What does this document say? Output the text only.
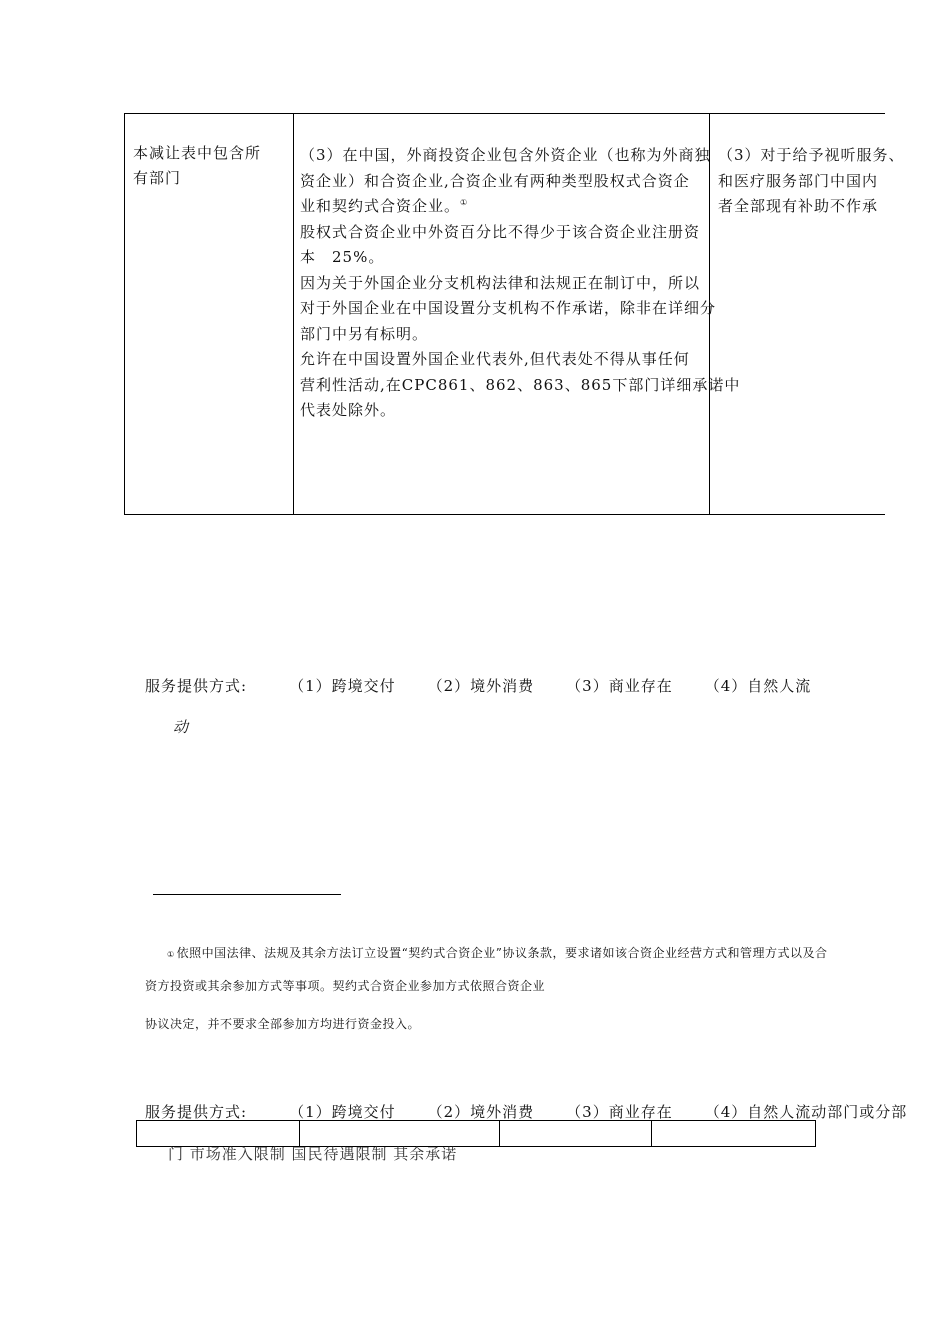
本减让表中包含所
有部门
（3）在中国，外商投资企业包含外资企业（也称为外商独
资企业）和合资企业,合资企业有两种类型股权式合资企
业和契约式合资企业。①
股权式合资企业中外资百分比不得少于该合资企业注册资
本　25%。
因为关于外国企业分支机构法律和法规正在制订中，所以
对于外国企业在中国设置分支机构不作承诺，除非在详细分
部门中另有标明。
允许在中国设置外国企业代表外,但代表处不得从事任何
营利性活动,在CPC861、862、863、865下部门详细承诺中
代表处除外。
（3）对于给予视听服务、
和医疗服务部门中国内
者全部现有补助不作承
服务提供方式:	（1）跨境交付 （2）境外消费 （3）商业存在 （4）自然人流
动
① 依照中国法律、法规及其余方法订立设置“契约式合资企业”协议条款，要求诸如该合资企业经营方式和管理方式以及合
资方投资或其余参加方式等事项。契约式合资企业参加方式依照合资企业
协议决定，并不要求全部参加方均进行资金投入。
服务提供方式:	（1）跨境交付 （2）境外消费 （3）商业存在 （4）自然人流动部门或分部
门 市场准入限制 国民待遇限制 其余承诺
